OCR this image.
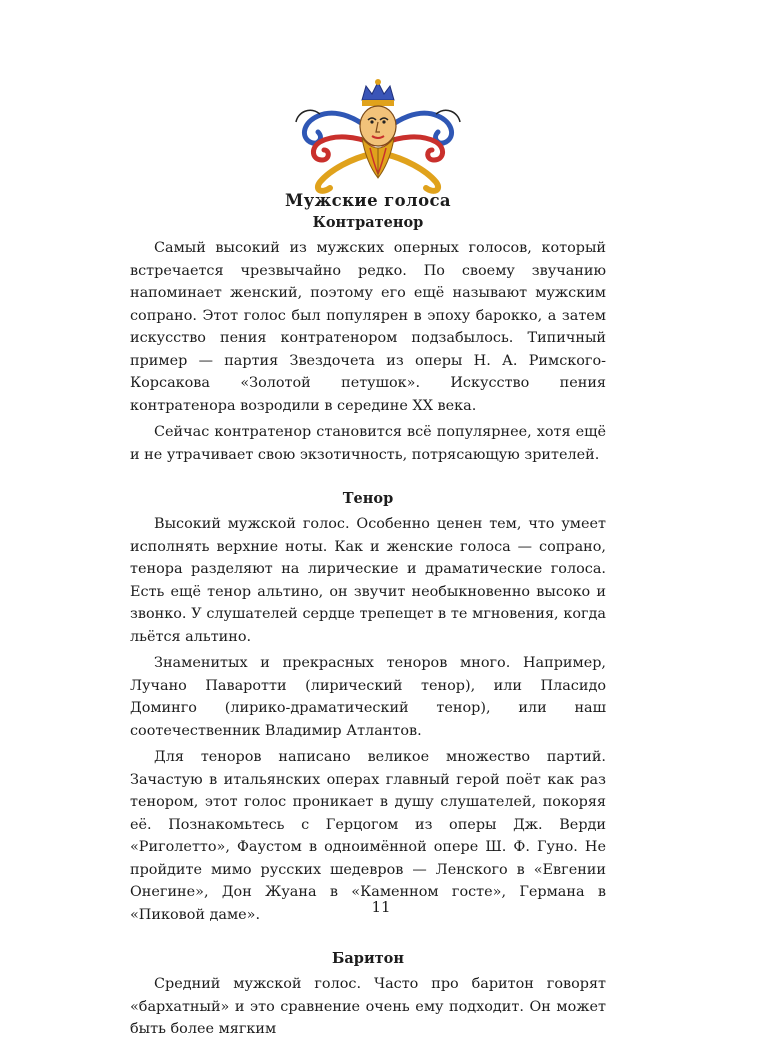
Мужские голоса
Контратенор

Самый высокий из мужских оперных голосов, который встречается чрезвычайно редко. По своему звучанию напоминает женский, поэтому его ещё называют мужским сопрано. Этот голос был популярен в эпоху барокко, а затем искусство пения контратенором подзабылось. Типичный пример — партия Звездочета из оперы Н. А. Римского-Корсакова «Золотой петушок». Искусство пения контратенора возродили в середине XX века.

Сейчас контратенор становится всё популярнее, хотя ещё и не утрачивает свою экзотичность, потрясающую зрителей.

Тенор

Высокий мужской голос. Особенно ценен тем, что умеет исполнять верхние ноты. Как и женские голоса — сопрано, тенора разделяют на лирические и драматические голоса. Есть ещё тенор альтино, он звучит необыкновенно высоко и звонко. У слушателей сердце трепещет в те мгновения, когда льётся альтино.

Знаменитых и прекрасных теноров много. Например, Лучано Паваротти (лирический тенор), или Пласидо Доминго (лирико-драматический тенор), или наш соотечественник Владимир Атлантов.

Для теноров написано великое множество партий. Зачастую в итальянских операх главный герой поёт как раз тенором, этот голос проникает в душу слушателей, покоряя её. Познакомьтесь с Герцогом из оперы Дж. Верди «Риголетто», Фаустом в одноимённой опере Ш. Ф. Гуно. Не пройдите мимо русских шедевров — Ленского в «Евгении Онегине», Дон Жуана в «Каменном госте», Германа в «Пиковой даме».

Баритон

Средний мужской голос. Часто про баритон говорят «бархатный» и это сравнение очень ему подходит. Он может быть более мягким

11
